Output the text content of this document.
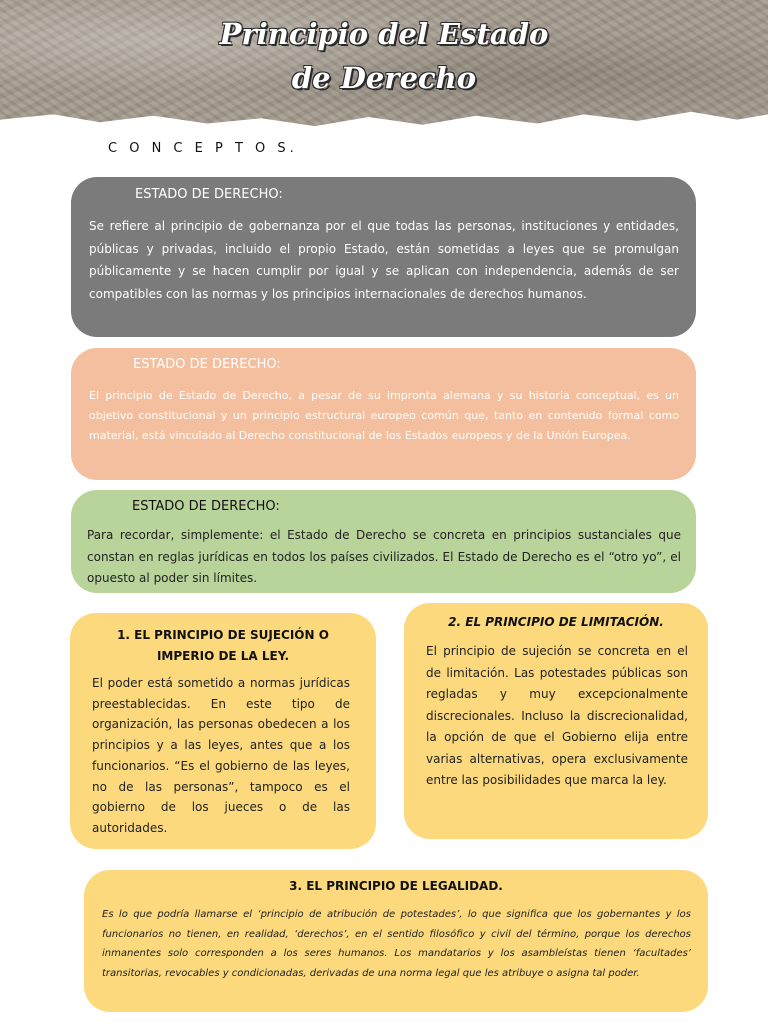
Principio del Estado
de Derecho
C O N C E P T O S.
ESTADO DE DERECHO:
Se refiere al principio de gobernanza por el que todas las personas, instituciones y entidades, públicas y privadas, incluido el propio Estado, están sometidas a leyes que se promulgan públicamente y se hacen cumplir por igual y se aplican con independencia, además de ser compatibles con las normas y los principios internacionales de derechos humanos.
ESTADO DE DERECHO:
El principio de Estado de Derecho, a pesar de su impronta alemana y su historia conceptual, es un objetivo constitucional y un principio estructural europeo común que, tanto en contenido formal como material, está vinculado al Derecho constitucional de los Estados europeos y de la Unión Europea.
ESTADO DE DERECHO:
Para recordar, simplemente: el Estado de Derecho se concreta en principios sustanciales que constan en reglas jurídicas en todos los países civilizados. El Estado de Derecho es el “otro yo”, el opuesto al poder sin límites.
1. EL PRINCIPIO DE SUJECIÓN O IMPERIO DE LA LEY.
El poder está sometido a normas jurídicas preestablecidas. En este tipo de organización, las personas obedecen a los principios y a las leyes, antes que a los funcionarios. “Es el gobierno de las leyes, no de las personas”, tampoco es el gobierno de los jueces o de las autoridades.
2. EL PRINCIPIO DE LIMITACIÓN.
El principio de sujeción se concreta en el de limitación. Las potestades públicas son regladas y muy excepcionalmente discrecionales. Incluso la discrecionalidad, la opción de que el Gobierno elija entre varias alternativas, opera exclusivamente entre las posibilidades que marca la ley.
3. EL PRINCIPIO DE LEGALIDAD.
Es lo que podría llamarse el ‘principio de atribución de potestades’, lo que significa que los gobernantes y los funcionarios no tienen, en realidad, ‘derechos’, en el sentido filosófico y civil del término, porque los derechos inmanentes solo corresponden a los seres humanos. Los mandatarios y los asambleístas tienen ‘facultades’ transitorias, revocables y condicionadas, derivadas de una norma legal que les atribuye o asigna tal poder.
